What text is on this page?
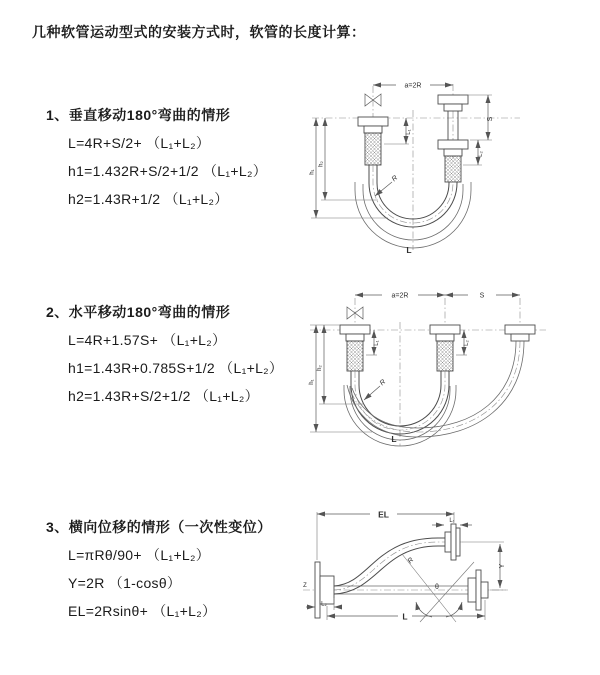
几种软管运动型式的安装方式时，软管的长度计算：
1、垂直移动180°弯曲的情形
L=4R+S/2+ （L₁+L₂）
h1=1.432R+S/2+1/2 （L₁+L₂）
h2=1.43R+1/2 （L₁+L₂）
a=2R
h₁
h₂
L₁
S
L₂
R
L
2、水平移动180°弯曲的情形
L=4R+1.57S+ （L₁+L₂）
h1=1.43R+0.785S+1/2 （L₁+L₂）
h2=1.43R+S/2+1/2 （L₁+L₂）
a=2R	S
h₁
h₂
L₁	L₂
R
L
3、横向位移的情形（一次性变位）
L=πRθ/90+ （L₁+L₂）
Y=2R （1-cosθ）
EL=2Rsinθ+ （L₁+L₂）
Z
EL
L₁
Y
θ
R
L
L₂
